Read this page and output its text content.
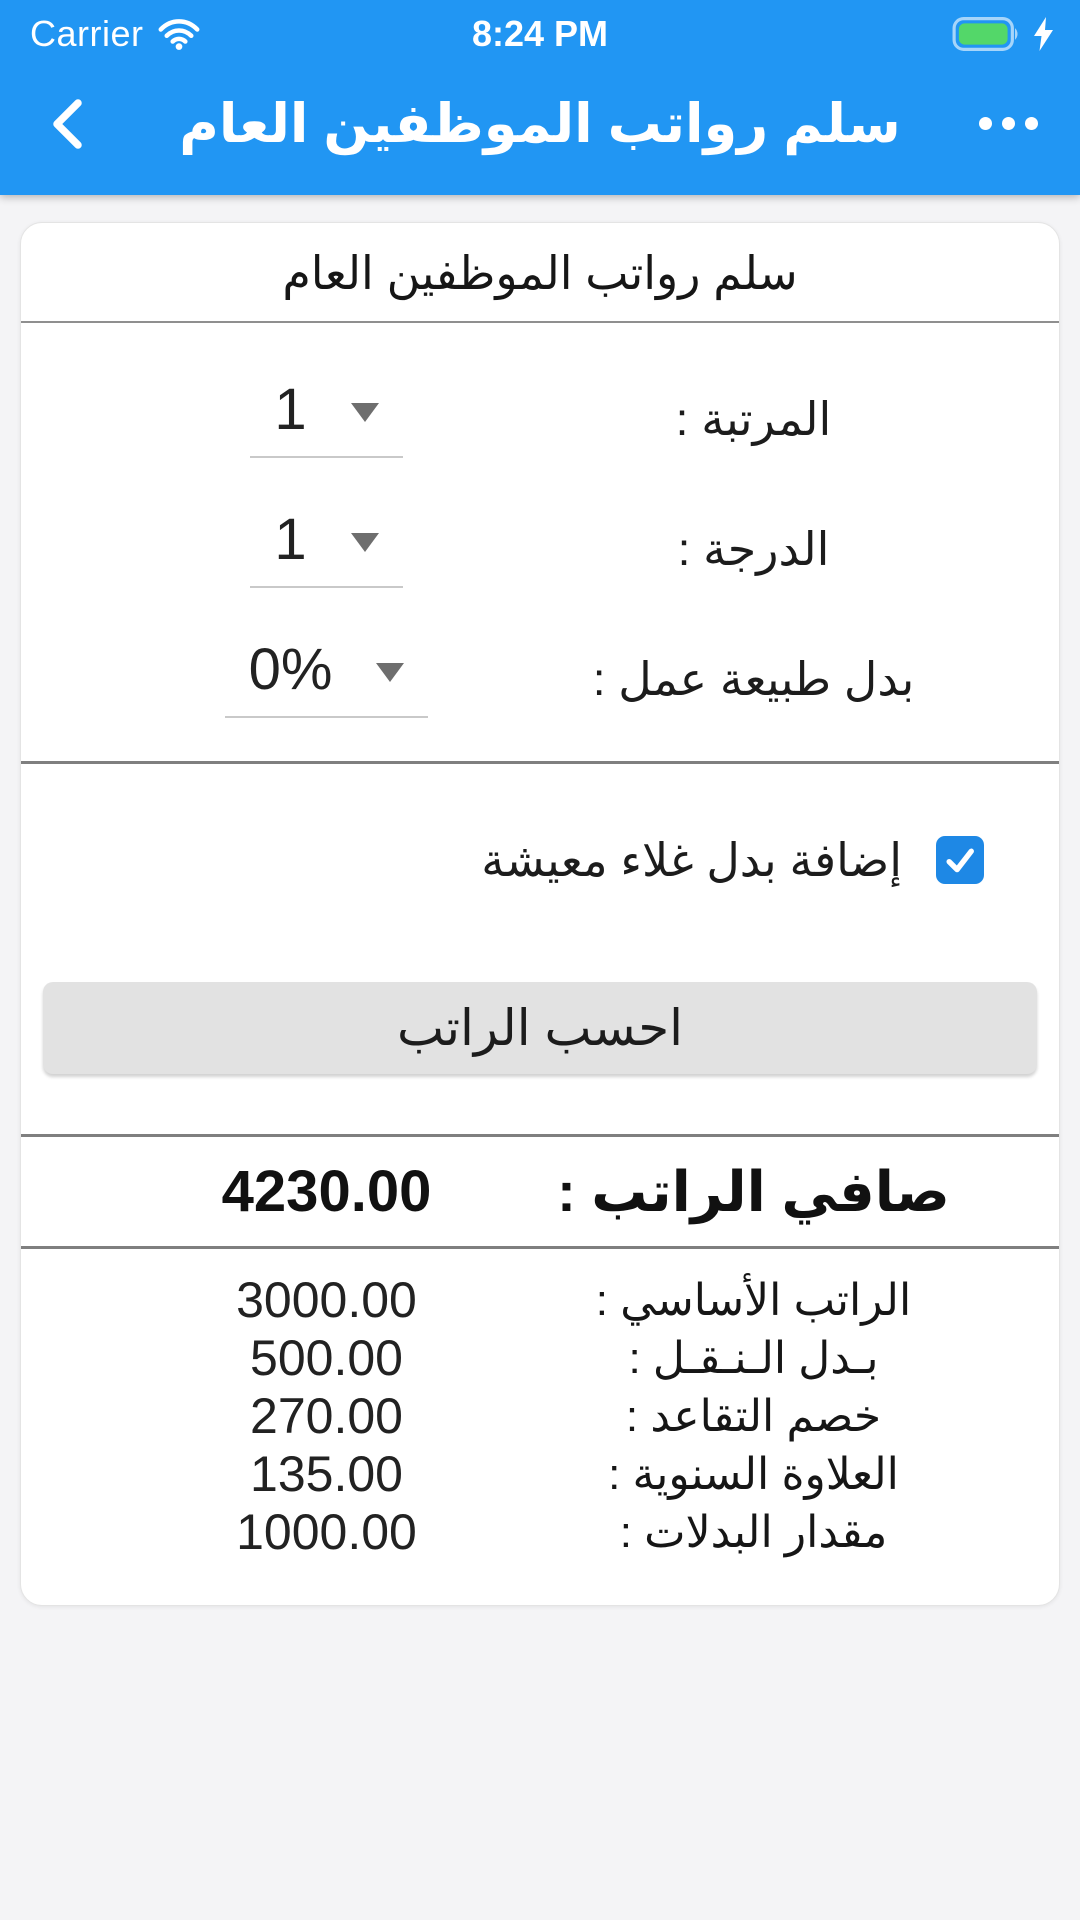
Carrier	8:24 PM
سلم رواتب الموظفين العام
سلم رواتب الموظفين العام
المرتبة :
1
الدرجة :
1
بدل طبيعة عمل :
0%
إضافة بدل غلاء معيشة
احسب الراتب
صافي الراتب :
4230.00
الراتب الأساسي :
3000.00
بـدل الـنـقـل :
500.00
خصم التقاعد :
270.00
العلاوة السنوية :
135.00
مقدار البدلات :
1000.00
